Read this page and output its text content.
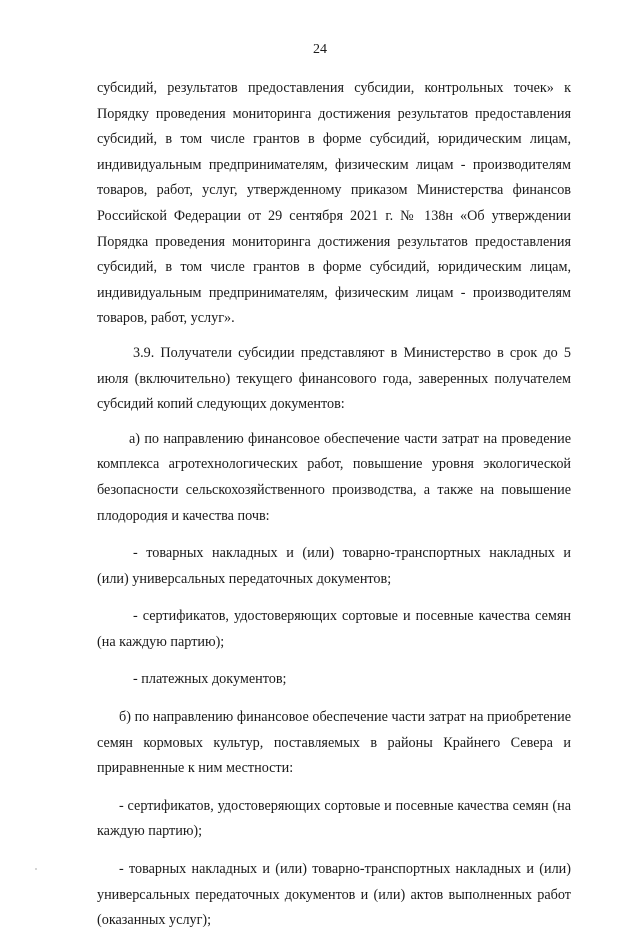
24

субсидий, результатов предоставления субсидии, контрольных точек» к Порядку проведения мониторинга достижения результатов предоставления субсидий, в том числе грантов в форме субсидий, юридическим лицам, индивидуальным предпринимателям, физическим лицам - производителям товаров, работ, услуг, утвержденному приказом Министерства финансов Российской Федерации от 29 сентября 2021 г. № 138н «Об утверждении Порядка проведения мониторинга достижения результатов предоставления субсидий, в том числе грантов в форме субсидий, юридическим лицам, индивидуальным предпринимателям, физическим лицам - производителям товаров, работ, услуг».

3.9. Получатели субсидии представляют в Министерство в срок до 5 июля (включительно) текущего финансового года, заверенных получателем субсидий копий следующих документов:

а) по направлению финансовое обеспечение части затрат на проведение комплекса агротехнологических работ, повышение уровня экологической безопасности сельскохозяйственного производства, а также на повышение плодородия и качества почв:

- товарных накладных и (или) товарно-транспортных накладных и (или) универсальных передаточных документов;

- сертификатов, удостоверяющих сортовые и посевные качества семян (на каждую партию);

- платежных документов;

б) по направлению финансовое обеспечение части затрат на приобретение семян кормовых культур, поставляемых в районы Крайнего Севера и приравненные к ним местности:

- сертификатов, удостоверяющих сортовые и посевные качества семян (на каждую партию);

- товарных накладных и (или) товарно-транспортных накладных и (или) универсальных передаточных документов и (или) актов выполненных работ (оказанных услуг);
